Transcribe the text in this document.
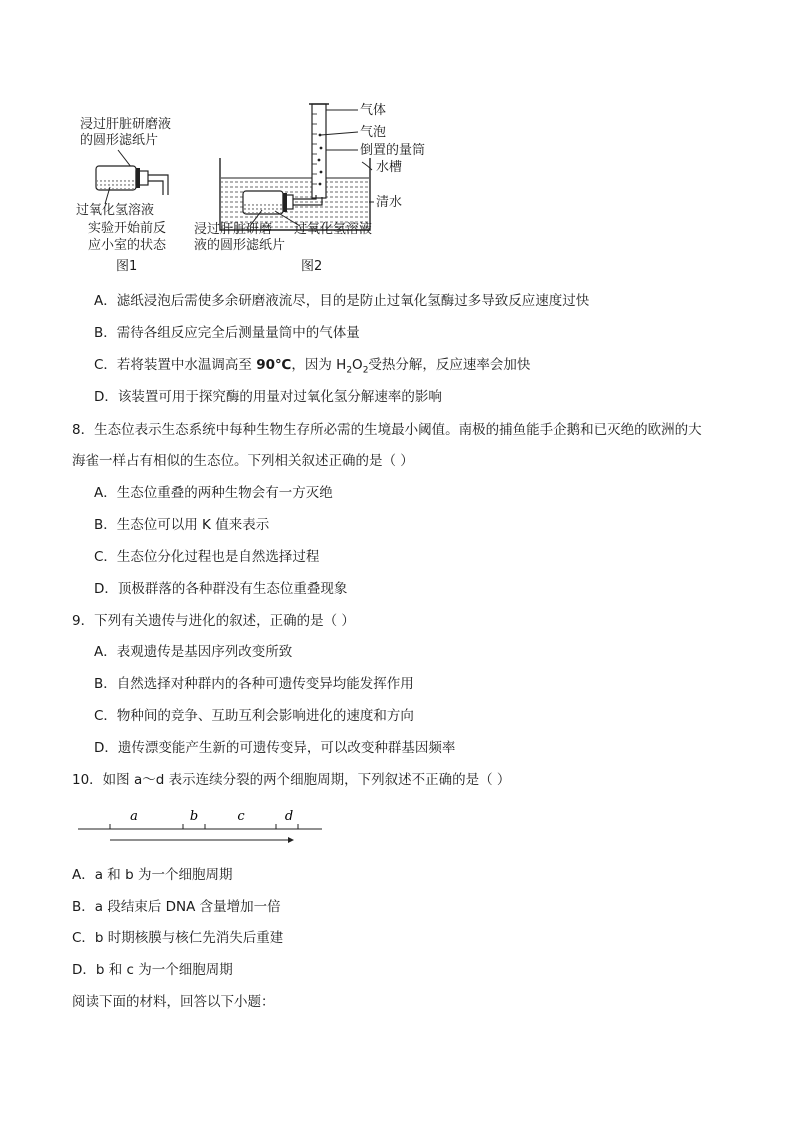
浸过肝脏研磨液
的圆形滤纸片
过氧化氢溶液
实验开始前反
应小室的状态
图1
气体
气泡
倒置的量筒
水槽
清水
浸过肝脏研磨
液的圆形滤纸片
过氧化氢溶液
图2
A．滤纸浸泡后需使多余研磨液流尽，目的是防止过氧化氢酶过多导致反应速度过快
B．需待各组反应完全后测量量筒中的气体量
C．若将装置中水温调高至 90℃，因为 $H_2O_2$受热分解，反应速率会加快
D．该装置可用于探究酶的用量对过氧化氢分解速率的影响
8．生态位表示生态系统中每种生物生存所必需的生境最小阈值。南极的捕鱼能手企鹅和已灭绝的欧洲的大
海雀一样占有相似的生态位。下列相关叙述正确的是（ ）
A．生态位重叠的两种生物会有一方灭绝
B．生态位可以用 K 值来表示
C．生态位分化过程也是自然选择过程
D．顶极群落的各种群没有生态位重叠现象
9．下列有关遗传与进化的叙述，正确的是（ ）
A．表观遗传是基因序列改变所致
B．自然选择对种群内的各种可遗传变异均能发挥作用
C．物种间的竞争、互助互利会影响进化的速度和方向
D．遗传漂变能产生新的可遗传变异，可以改变种群基因频率
10．如图 a～d 表示连续分裂的两个细胞周期，下列叙述不正确的是（ ）
a	b	c	d
A．a 和 b 为一个细胞周期
B．a 段结束后 DNA 含量增加一倍
C．b 时期核膜与核仁先消失后重建
D．b 和 c 为一个细胞周期
阅读下面的材料，回答以下小题：
